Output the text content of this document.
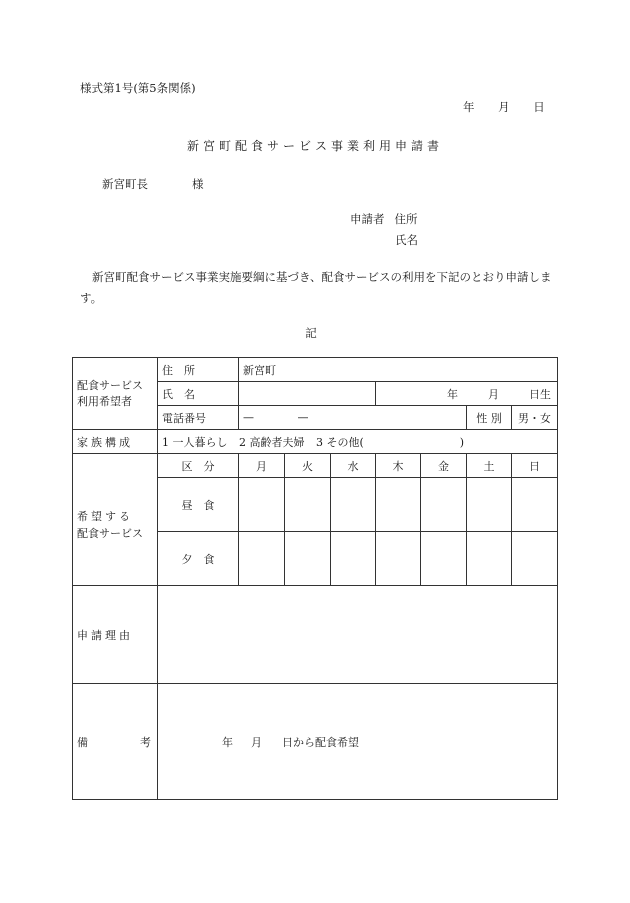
様式第1号(第5条関係)
年 月 日
新宮町配食サービス事業利用申請書
新宮町長	様
申請者 住所
氏名
新宮町配食サービス事業実施要綱に基づき、配食サービスの利用を下記のとおり申請します。
記
配食サービス利用希望者	住　所	新宮町						
	氏　名				年 月 日生			

	電話番号	— —					性 別	男・女
家族構成	1 一人暮らし 2 高齢者夫婦 3 その他( )							

希望する
配食サービス	区　分	月	火	水	木	金	土	日
	昼　食							
	夕　食							
申請理由								

備 考	年 月 日から配食希望							
